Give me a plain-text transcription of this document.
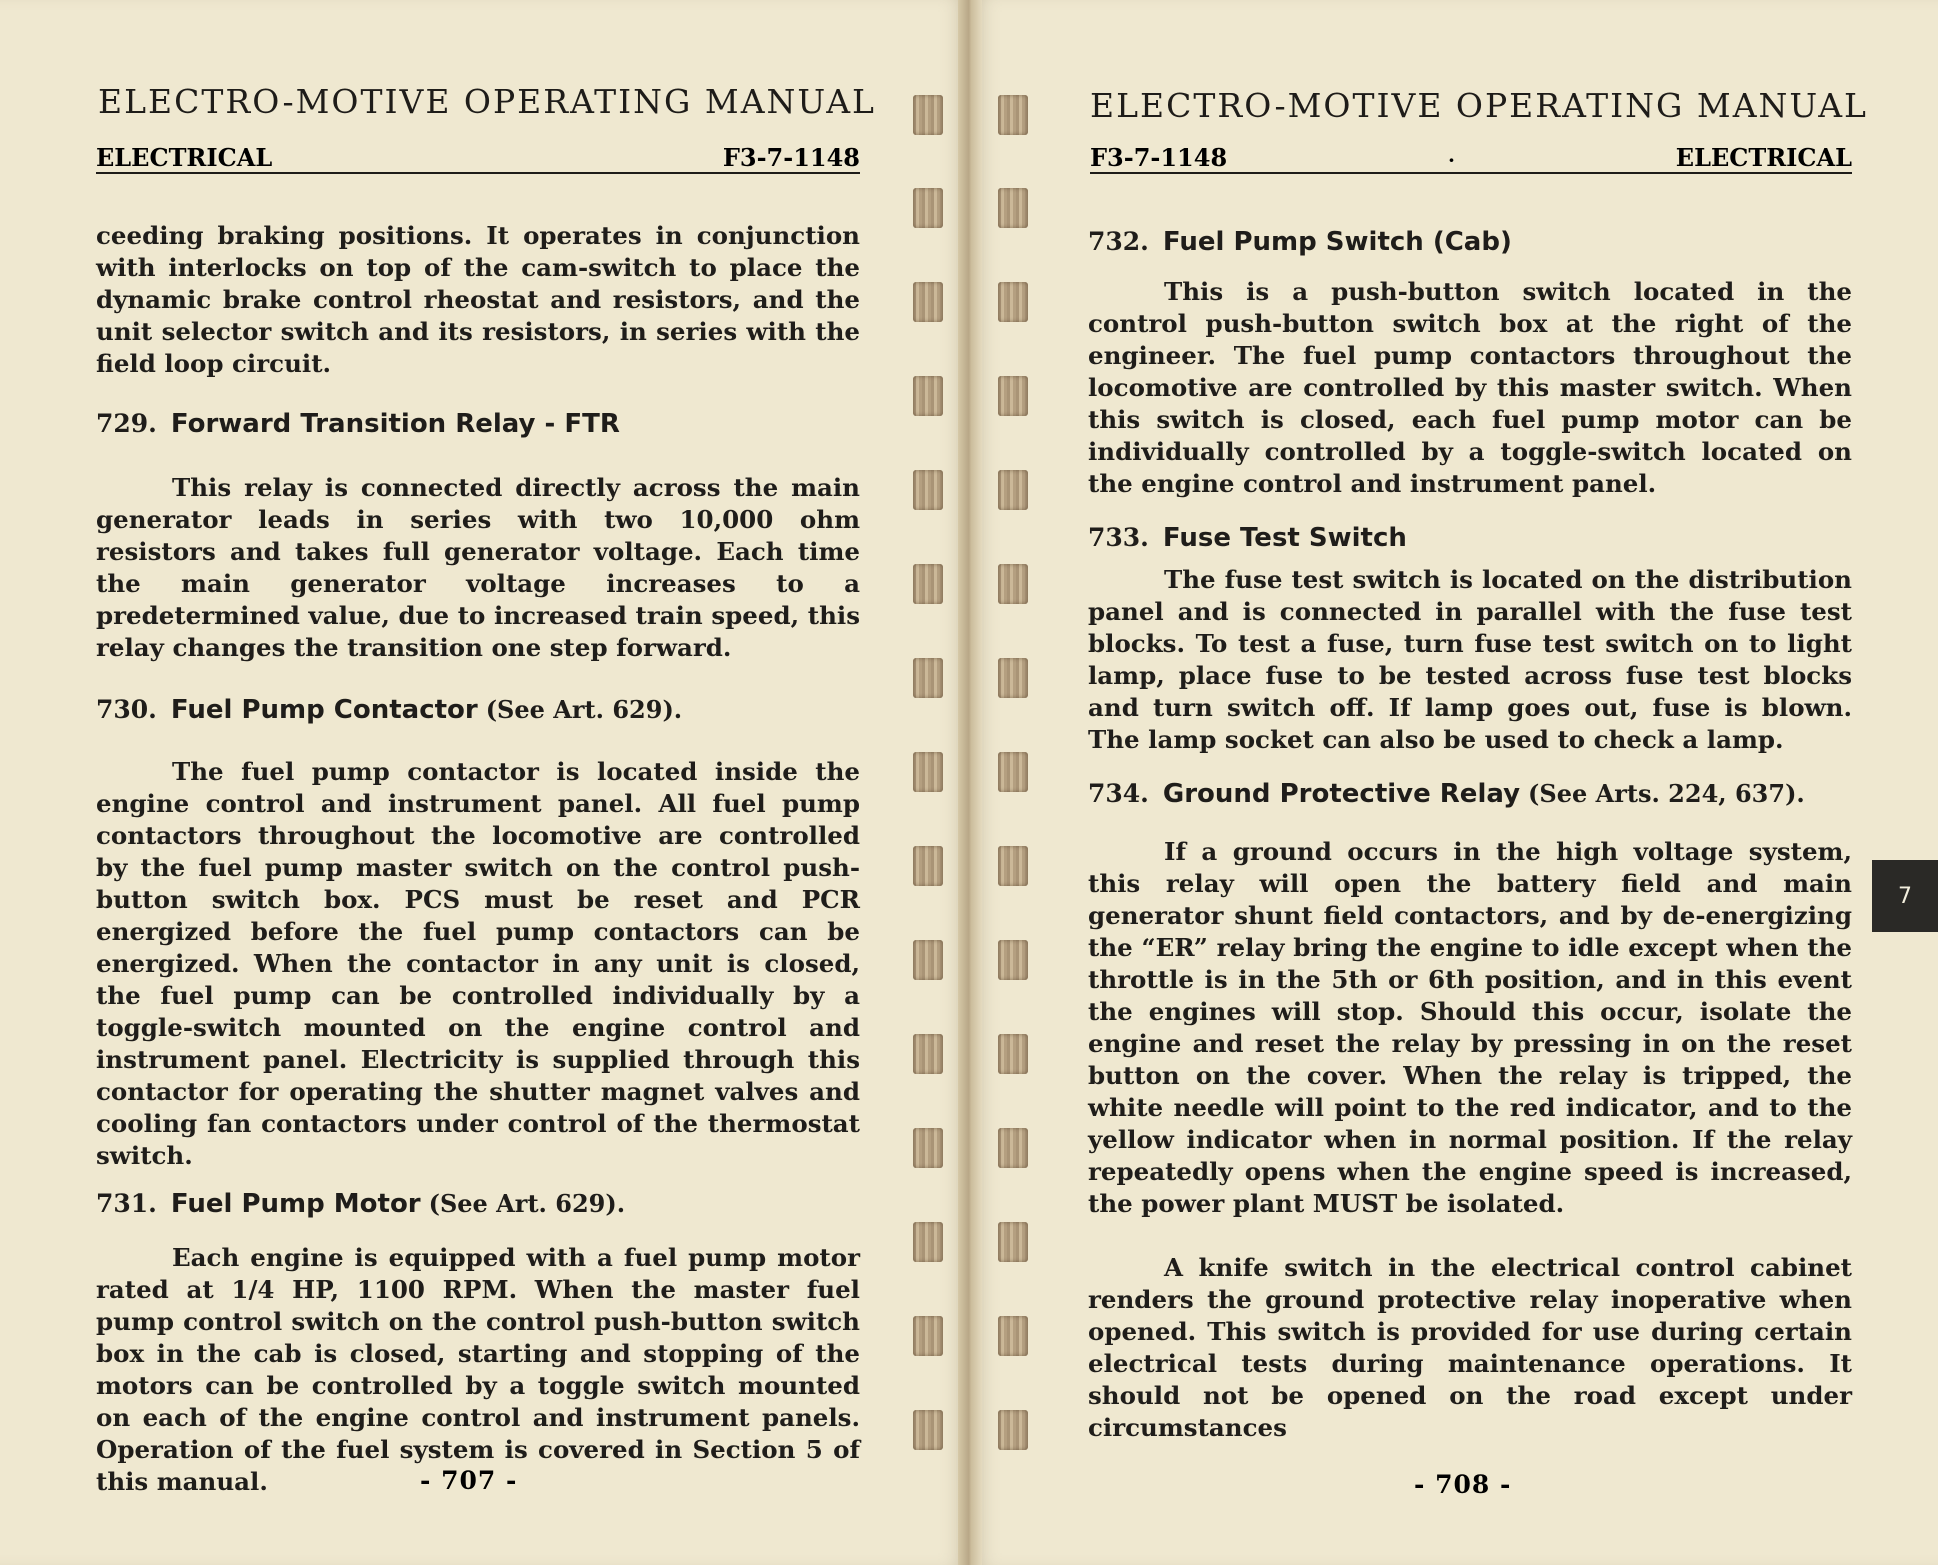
ELECTRO-MOTIVE OPERATING MANUAL
ELECTRICAL	F3-7-1148
ceeding braking positions. It operates in conjunction with interlocks on top of the cam-switch to place the dynamic brake control rheostat and resistors, and the unit selector switch and its resistors, in series with the field loop circuit.
729. Forward Transition Relay - FTR
This relay is connected directly across the main generator leads in series with two 10,000 ohm resistors and takes full generator voltage. Each time the main generator voltage increases to a predetermined value, due to increased train speed, this relay changes the transition one step forward.
730. Fuel Pump Contactor (See Art. 629).
The fuel pump contactor is located inside the engine control and instrument panel. All fuel pump contactors throughout the locomotive are controlled by the fuel pump master switch on the control push-button switch box. PCS must be reset and PCR energized before the fuel pump contactors can be energized. When the contactor in any unit is closed, the fuel pump can be controlled individually by a toggle-switch mounted on the engine control and instrument panel. Electricity is supplied through this contactor for operating the shutter magnet valves and cooling fan contactors under control of the thermostat switch.
731. Fuel Pump Motor (See Art. 629).
Each engine is equipped with a fuel pump motor rated at 1/4 HP, 1100 RPM. When the master fuel pump control switch on the control push-button switch box in the cab is closed, starting and stopping of the motors can be controlled by a toggle switch mounted on each of the engine control and instrument panels. Operation of the fuel system is covered in Section 5 of this manual.	- 707 -
ELECTRO-MOTIVE OPERATING MANUAL
F3-7-1148	·	ELECTRICAL
732. Fuel Pump Switch (Cab)
This is a push-button switch located in the control push-button switch box at the right of the engineer. The fuel pump contactors throughout the locomotive are controlled by this master switch. When this switch is closed, each fuel pump motor can be individually controlled by a toggle-switch located on the engine control and instrument panel.
733. Fuse Test Switch
The fuse test switch is located on the distribution panel and is connected in parallel with the fuse test blocks. To test a fuse, turn fuse test switch on to light lamp, place fuse to be tested across fuse test blocks and turn switch off. If lamp goes out, fuse is blown. The lamp socket can also be used to check a lamp.
734. Ground Protective Relay (See Arts. 224, 637).
If a ground occurs in the high voltage system, this relay will open the battery field and main generator shunt field contactors, and by de-energizing the “ER” relay bring the engine to idle except when the throttle is in the 5th or 6th position, and in this event the engines will stop. Should this occur, isolate the engine and reset the relay by pressing in on the reset button on the cover. When the relay is tripped, the white needle will point to the red indicator, and to the yellow indicator when in normal position. If the relay repeatedly opens when the engine speed is increased, the power plant MUST be isolated.
A knife switch in the electrical control cabinet renders the ground protective relay inoperative when opened. This switch is provided for use during certain electrical tests during maintenance operations. It should not be opened on the road except under circumstances
- 708 -
7
